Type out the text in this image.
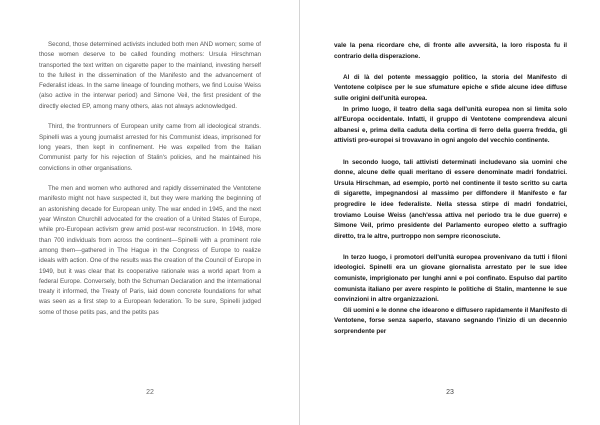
Second, those determined activists included both men AND women; some of those women deserve to be called founding mothers: Ursula Hirschman transported the text written on cigarette paper to the mainland, investing herself to the fullest in the dissemination of the Manifesto and the advancement of Federalist ideas. In the same lineage of founding mothers, we find Louise Weiss (also active in the interwar period) and Simone Veil, the first president of the directly elected EP, among many others, alas not always acknowledged.

Third, the frontrunners of European unity came from all ideological strands. Spinelli was a young journalist arrested for his Communist ideas, imprisoned for long years, then kept in confinement. He was expelled from the Italian Communist party for his rejection of Stalin's policies, and he maintained his convictions in other organisations.

The men and women who authored and rapidly disseminated the Ventotene manifesto might not have suspected it, but they were marking the beginning of an astonishing decade for European unity. The war ended in 1945, and the next year Winston Churchill advocated for the creation of a United States of Europe, while pro-European activism grew amid post-war reconstruction. In 1948, more than 700 individuals from across the continent—Spinelli with a prominent role among them—gathered in The Hague in the Congress of Europe to realize ideals with action. One of the results was the creation of the Council of Europe in 1949, but it was clear that its cooperative rationale was a world apart from a federal Europe. Conversely, both the Schuman Declaration and the international treaty it informed, the Treaty of Paris, laid down concrete foundations for what was seen as a first step to a European federation. To be sure, Spinelli judged some of those petits pas, and the petits pas

22

vale la pena ricordare che, di fronte alle avversità, la loro risposta fu il contrario della disperazione.

Al di là del potente messaggio politico, la storia del Manifesto di Ventotene colpisce per le sue sfumature epiche e sfide alcune idee diffuse sulle origini dell'unità europea.

In primo luogo, il teatro della saga dell'unità europea non si limita solo all'Europa occidentale. Infatti, il gruppo di Ventotene comprendeva alcuni albanesi e, prima della caduta della cortina di ferro della guerra fredda, gli attivisti pro-europei si trovavano in ogni angolo del vecchio continente.

In secondo luogo, tali attivisti determinati includevano sia uomini che donne, alcune delle quali meritano di essere denominate madri fondatrici. Ursula Hirschman, ad esempio, portò nel continente il testo scritto su carta di sigarette, impegnandosi al massimo per diffondere il Manifesto e far progredire le idee federaliste. Nella stessa stirpe di madri fondatrici, troviamo Louise Weiss (anch'essa attiva nel periodo tra le due guerre) e Simone Veil, primo presidente del Parlamento europeo eletto a suffragio diretto, tra le altre, purtroppo non sempre riconosciute.

In terzo luogo, i promotori dell'unità europea provenivano da tutti i filoni ideologici. Spinelli era un giovane giornalista arrestato per le sue idee comuniste, imprigionato per lunghi anni e poi confinato. Espulso dal partito comunista italiano per avere respinto le politiche di Stalin, mantenne le sue convinzioni in altre organizzazioni.

Gli uomini e le donne che idearono e diffusero rapidamente il Manifesto di Ventotene, forse senza saperlo, stavano segnando l'inizio di un decennio sorprendente per

23
